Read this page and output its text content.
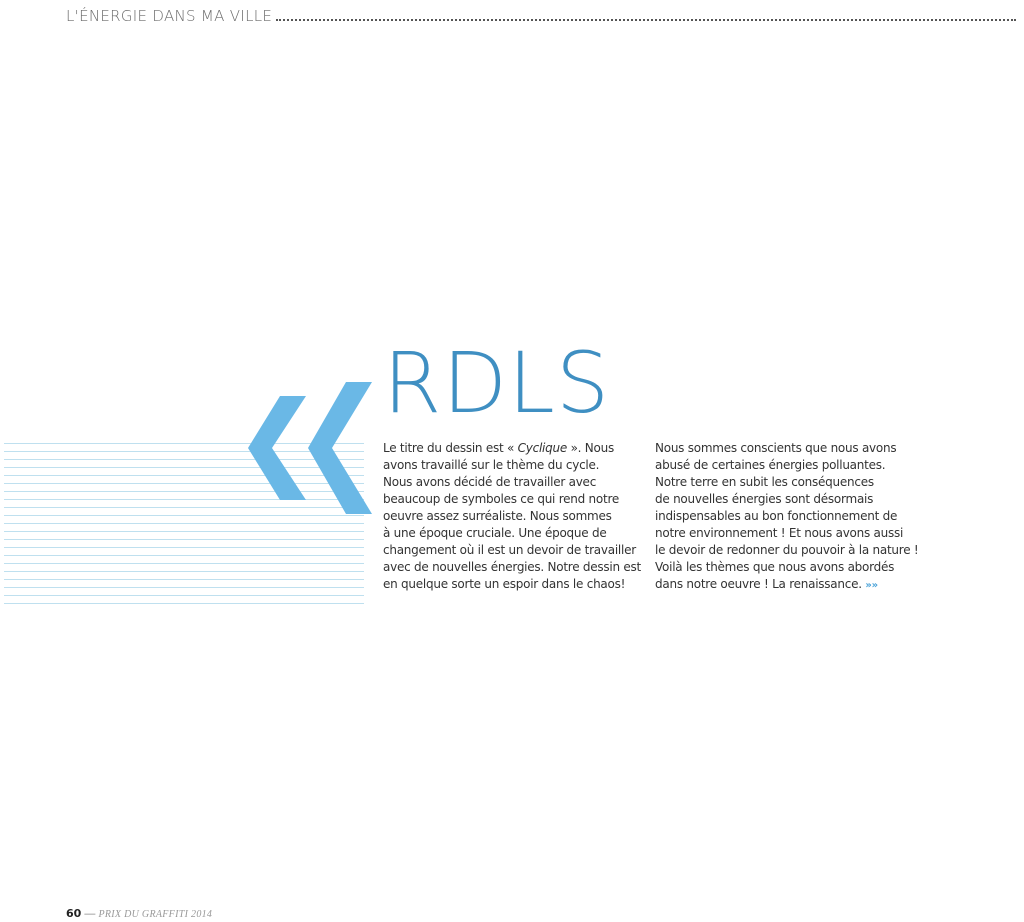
L'ÉNERGIE DANS MA VILLE
RDLS
Le titre du dessin est « Cyclique ». Nous
avons travaillé sur le thème du cycle.
Nous avons décidé de travailler avec
beaucoup de symboles ce qui rend notre
oeuvre assez surréaliste. Nous sommes
à une époque cruciale. Une époque de
changement où il est un devoir de travailler
avec de nouvelles énergies. Notre dessin est
en quelque sorte un espoir dans le chaos!
Nous sommes conscients que nous avons
abusé de certaines énergies polluantes.
Notre terre en subit les conséquences
de nouvelles énergies sont désormais
indispensables au bon fonctionnement de
notre environnement ! Et nous avons aussi
le devoir de redonner du pouvoir à la nature !
Voilà les thèmes que nous avons abordés
dans notre oeuvre ! La renaissance. »»
60 — PRIX DU GRAFFITI 2014
